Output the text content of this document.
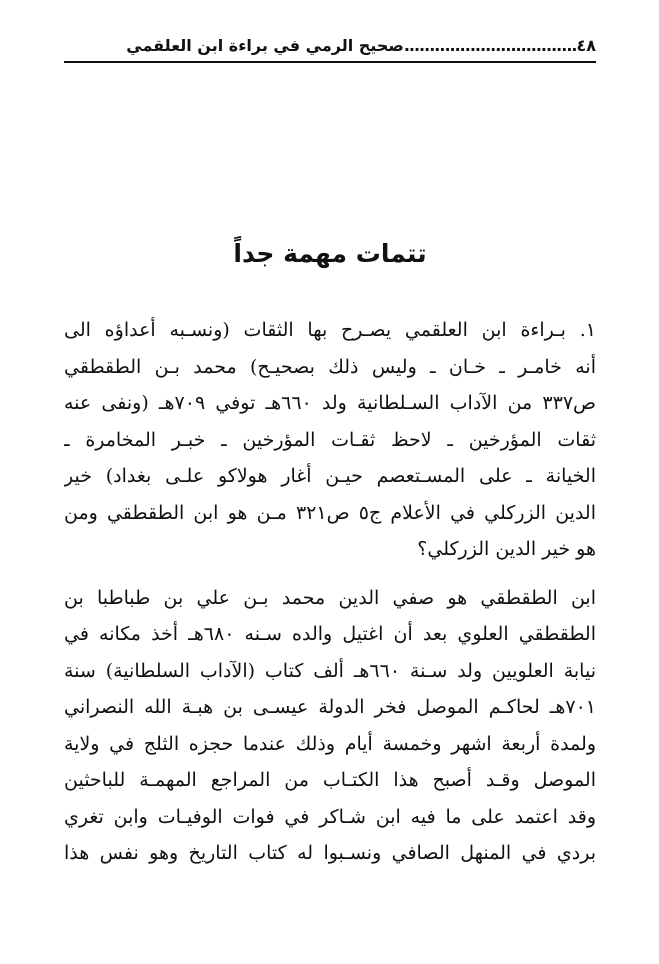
٤٨
..................................
صحيح الرمي في براءة ابن العلقمي
تتمات مهمة جداً
١. بـراءة ابن العلقمي يصـرح بها الثقات (ونسـبه أعداؤه الى
أنه خامـر ـ خـان ـ وليس ذلك بصحيـح) محمد بـن الطقطقي
ص٣٣٧ من الآداب السـلطانية ولد ٦٦٠هـ توفي ٧٠٩هـ (ونفى عنه
ثقات المؤرخين ـ لاحظ ثقـات المؤرخين ـ خبـر المخامرة ـ
الخيانة ـ على المسـتعصم حيـن أغار هولاكو علـى بغداد) خير
الدين الزركلي في الأعلام ج٥ ص٣٢١ مـن هو ابن الطقطقي ومن
هو خير الدين الزركلي؟
ابن الطقطقي هو صفي الدين محمد بـن علي بن طباطبا بن
الطقطقي العلوي بعد أن اغتيل والده سـنه ٦٨٠هـ أخذ مكانه في
نيابة العلويين ولد سـنة ٦٦٠هـ ألف كتاب (الآداب السلطانية) سنة
٧٠١هـ لحاكـم الموصل فخر الدولة عيسـى بن هبـة الله النصراني
ولمدة أربعة اشهر وخمسة أيام وذلك عندما حجزه الثلج في ولاية
الموصل وقـد أصبح هذا الكتـاب من المراجع المهمـة للباحثين
وقد اعتمد على ما فيه ابن شـاكر في فوات الوفيـات وابن تغري
بردي في المنهل الصافي ونسـبوا له كتاب التاريخ وهو نفس هذا
